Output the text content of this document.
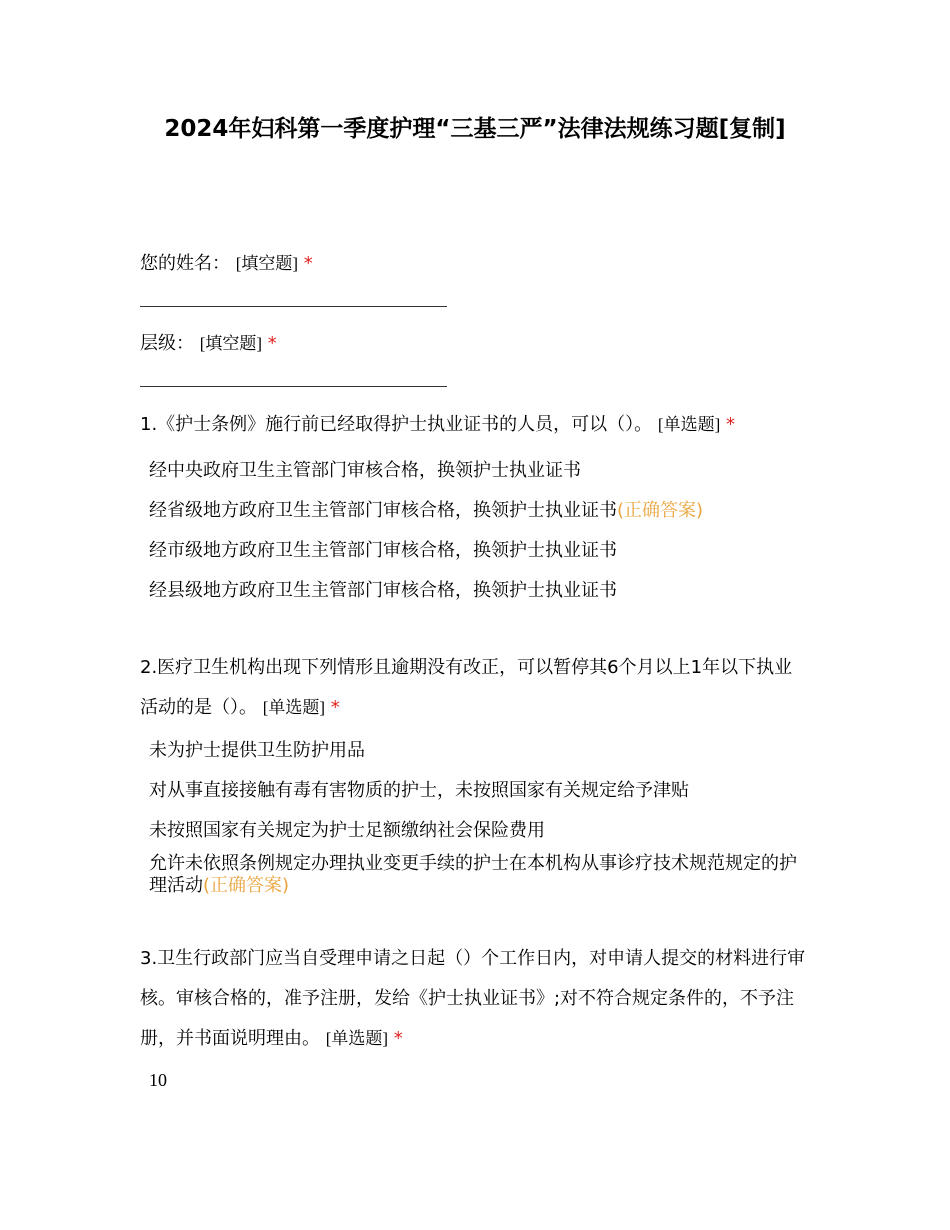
2024年妇科第一季度护理“三基三严”法律法规练习题[复制]
您的姓名： [填空题] *
层级： [填空题] *
1.《护士条例》施行前已经取得护士执业证书的人员，可以（）。 [单选题] *
经中央政府卫生主管部门审核合格，换领护士执业证书
经省级地方政府卫生主管部门审核合格，换领护士执业证书(正确答案)
经市级地方政府卫生主管部门审核合格，换领护士执业证书
经县级地方政府卫生主管部门审核合格，换领护士执业证书
2.医疗卫生机构出现下列情形且逾期没有改正，可以暂停其6个月以上1年以下执业活动的是（）。 [单选题] *
未为护士提供卫生防护用品
对从事直接接触有毒有害物质的护士，未按照国家有关规定给予津贴
未按照国家有关规定为护士足额缴纳社会保险费用
允许未依照条例规定办理执业变更手续的护士在本机构从事诊疗技术规范规定的护理活动(正确答案)
3.卫生行政部门应当自受理申请之日起（）个工作日内，对申请人提交的材料进行审核。审核合格的，准予注册，发给《护士执业证书》;对不符合规定条件的，不予注册，并书面说明理由。 [单选题] *
10
